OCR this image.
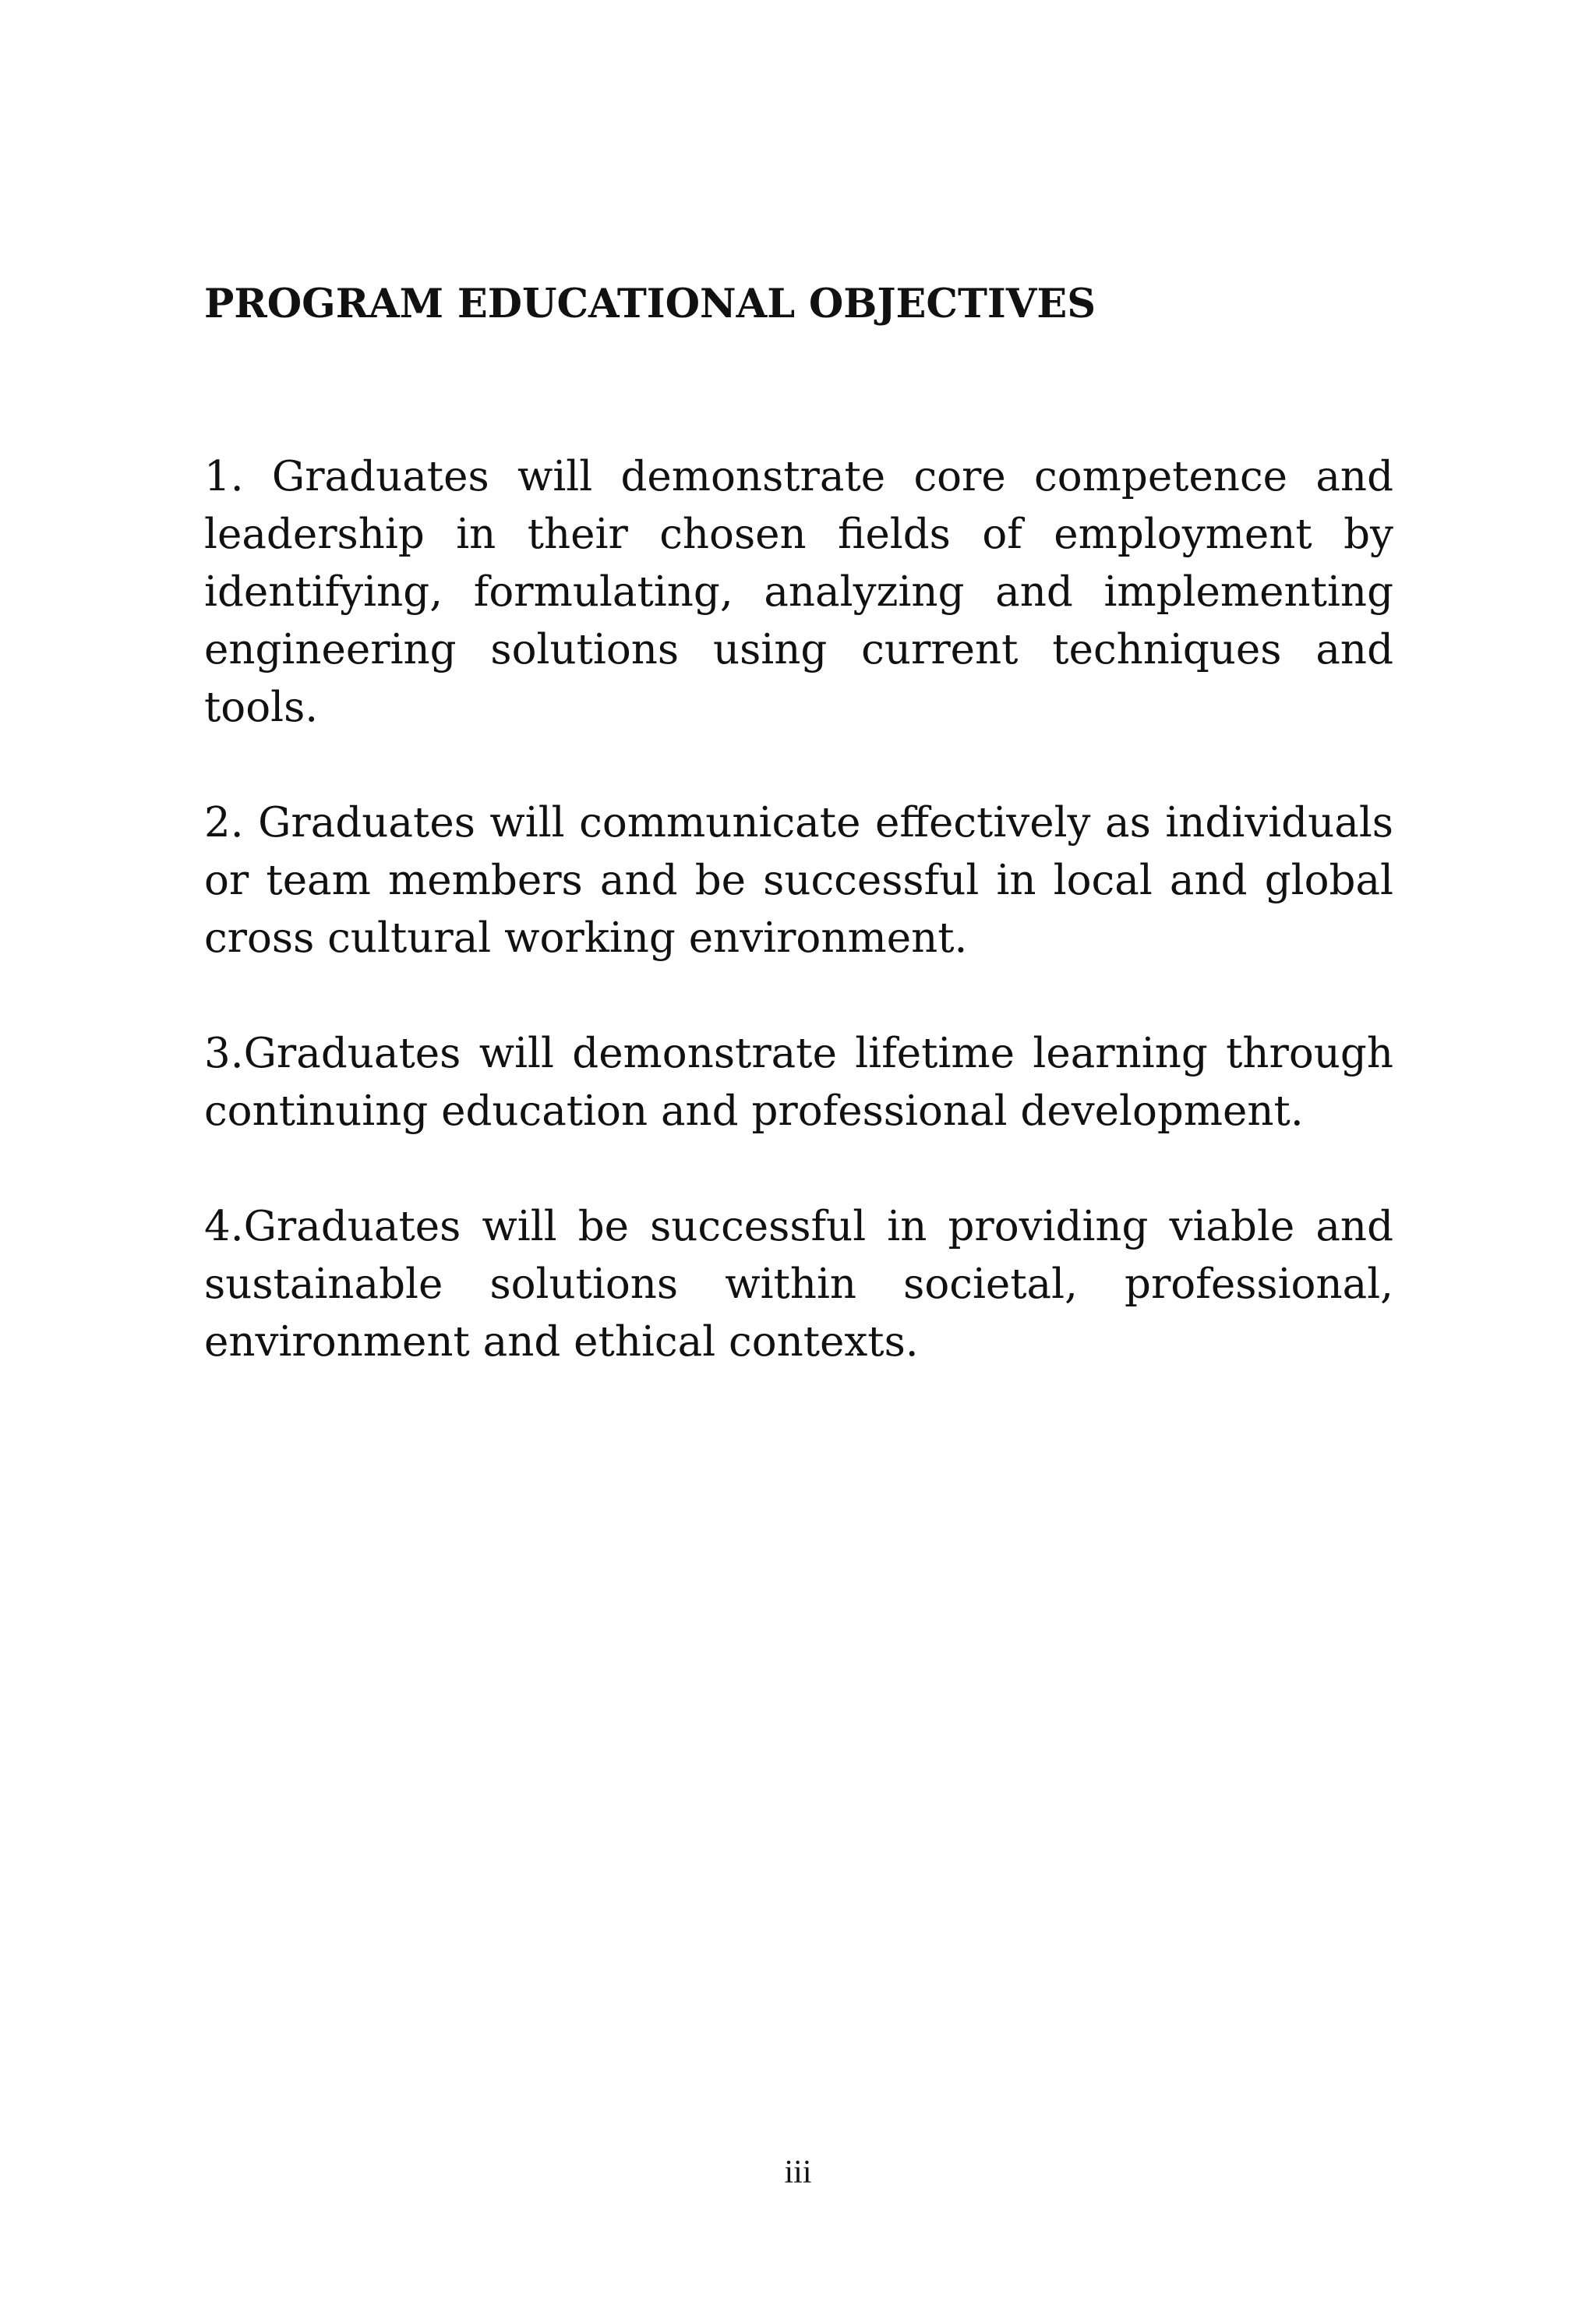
PROGRAM EDUCATIONAL OBJECTIVES

1. Graduates will demonstrate core competence and leadership in their chosen fields of employment by identifying, formulating, analyzing and implementing engineering solutions using current techniques and tools.

2. Graduates will communicate effectively as individuals or team members and be successful in local and global cross cultural working environment.

3.Graduates will demonstrate lifetime learning through continuing education and professional development.

4.Graduates will be successful in providing viable and sustainable solutions within societal, professional, environment and ethical contexts.

iii
